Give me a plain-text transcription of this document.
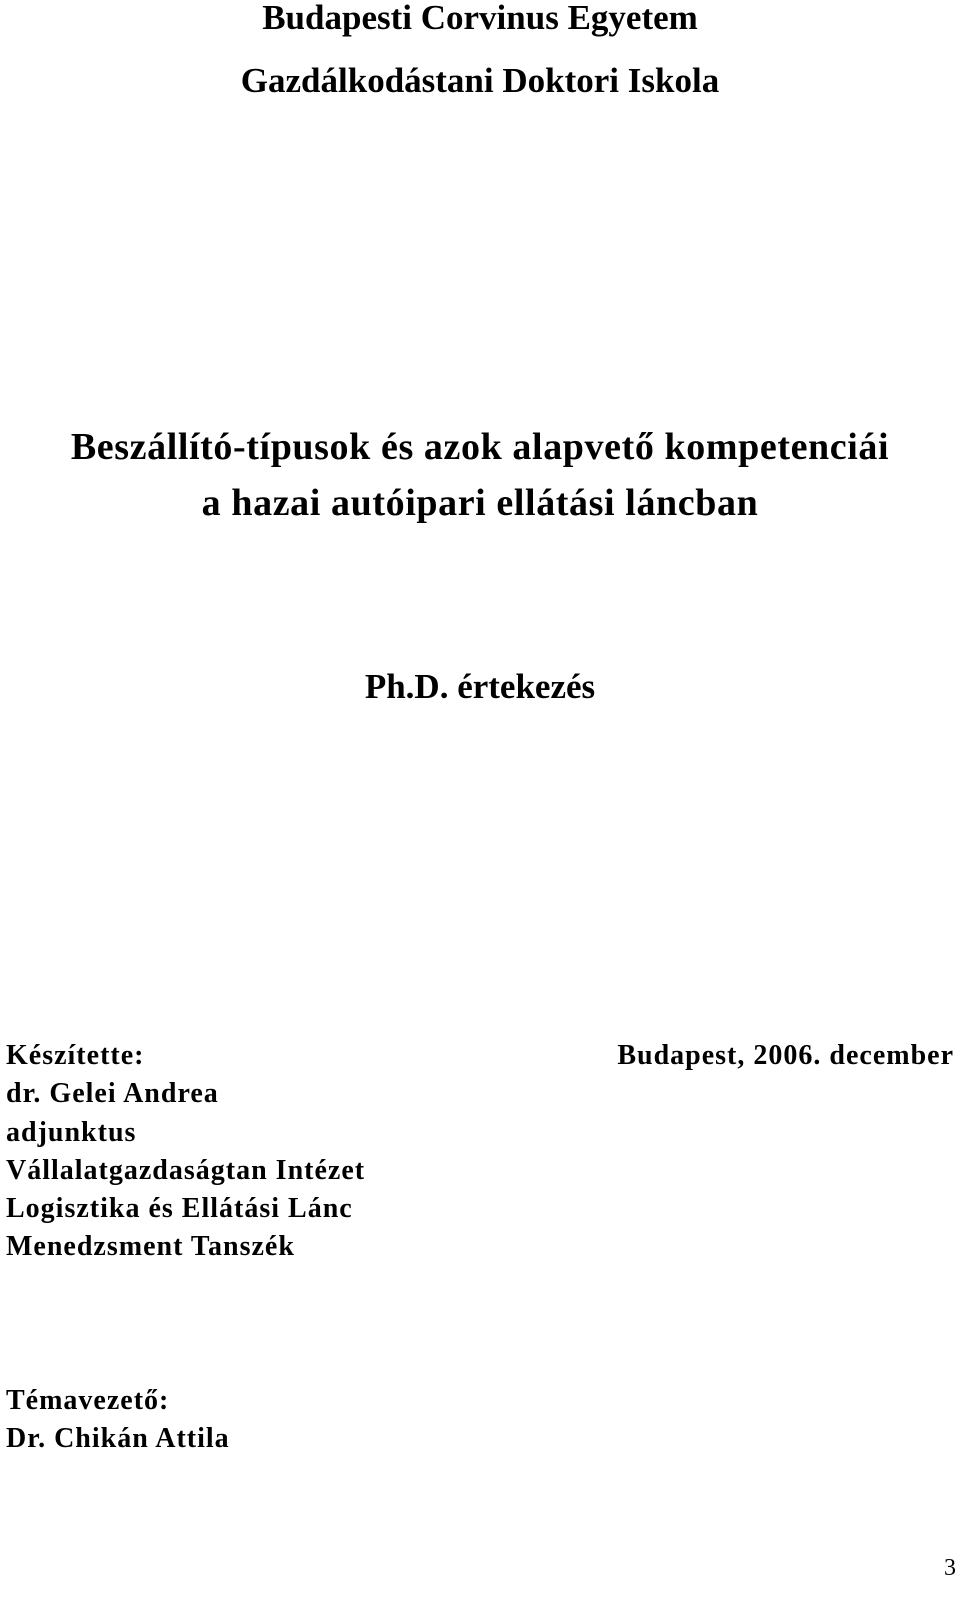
Budapesti Corvinus Egyetem
Gazdálkodástani Doktori Iskola
Beszállító-típusok és azok alapvető kompetenciái
a hazai autóipari ellátási láncban
Ph.D. értekezés
Készítette:
dr. Gelei Andrea
adjunktus
Vállalatgazdaságtan Intézet
Logisztika és Ellátási Lánc
Menedzsment Tanszék
Budapest, 2006. december
Témavezető:
Dr. Chikán Attila
3
